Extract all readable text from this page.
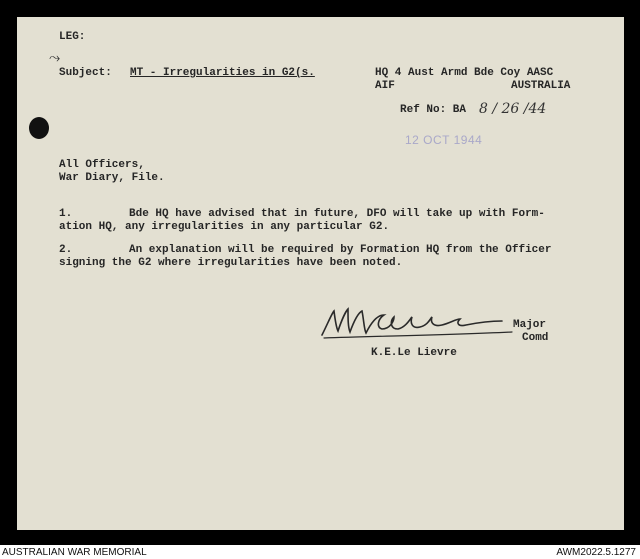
⤳
LEG:
Subject: MT - Irregularities in G2(s.	HQ 4 Aust Armd Bde Coy AASC
AIF	AUSTRALIA
Ref No: BA 8 / 26 /44
12 OCT 1944
All Officers,
War Diary, File.
1.	Bde HQ have advised that in future, DFO will take up with Form-
ation HQ, any irregularities in any particular G2.
2.	An explanation will be required by Formation HQ from the Officer
signing the G2 where irregularities have been noted.
Major
Comd
K.E.Le Lievre
AUSTRALIAN WAR MEMORIAL	AWM2022.5.1277
